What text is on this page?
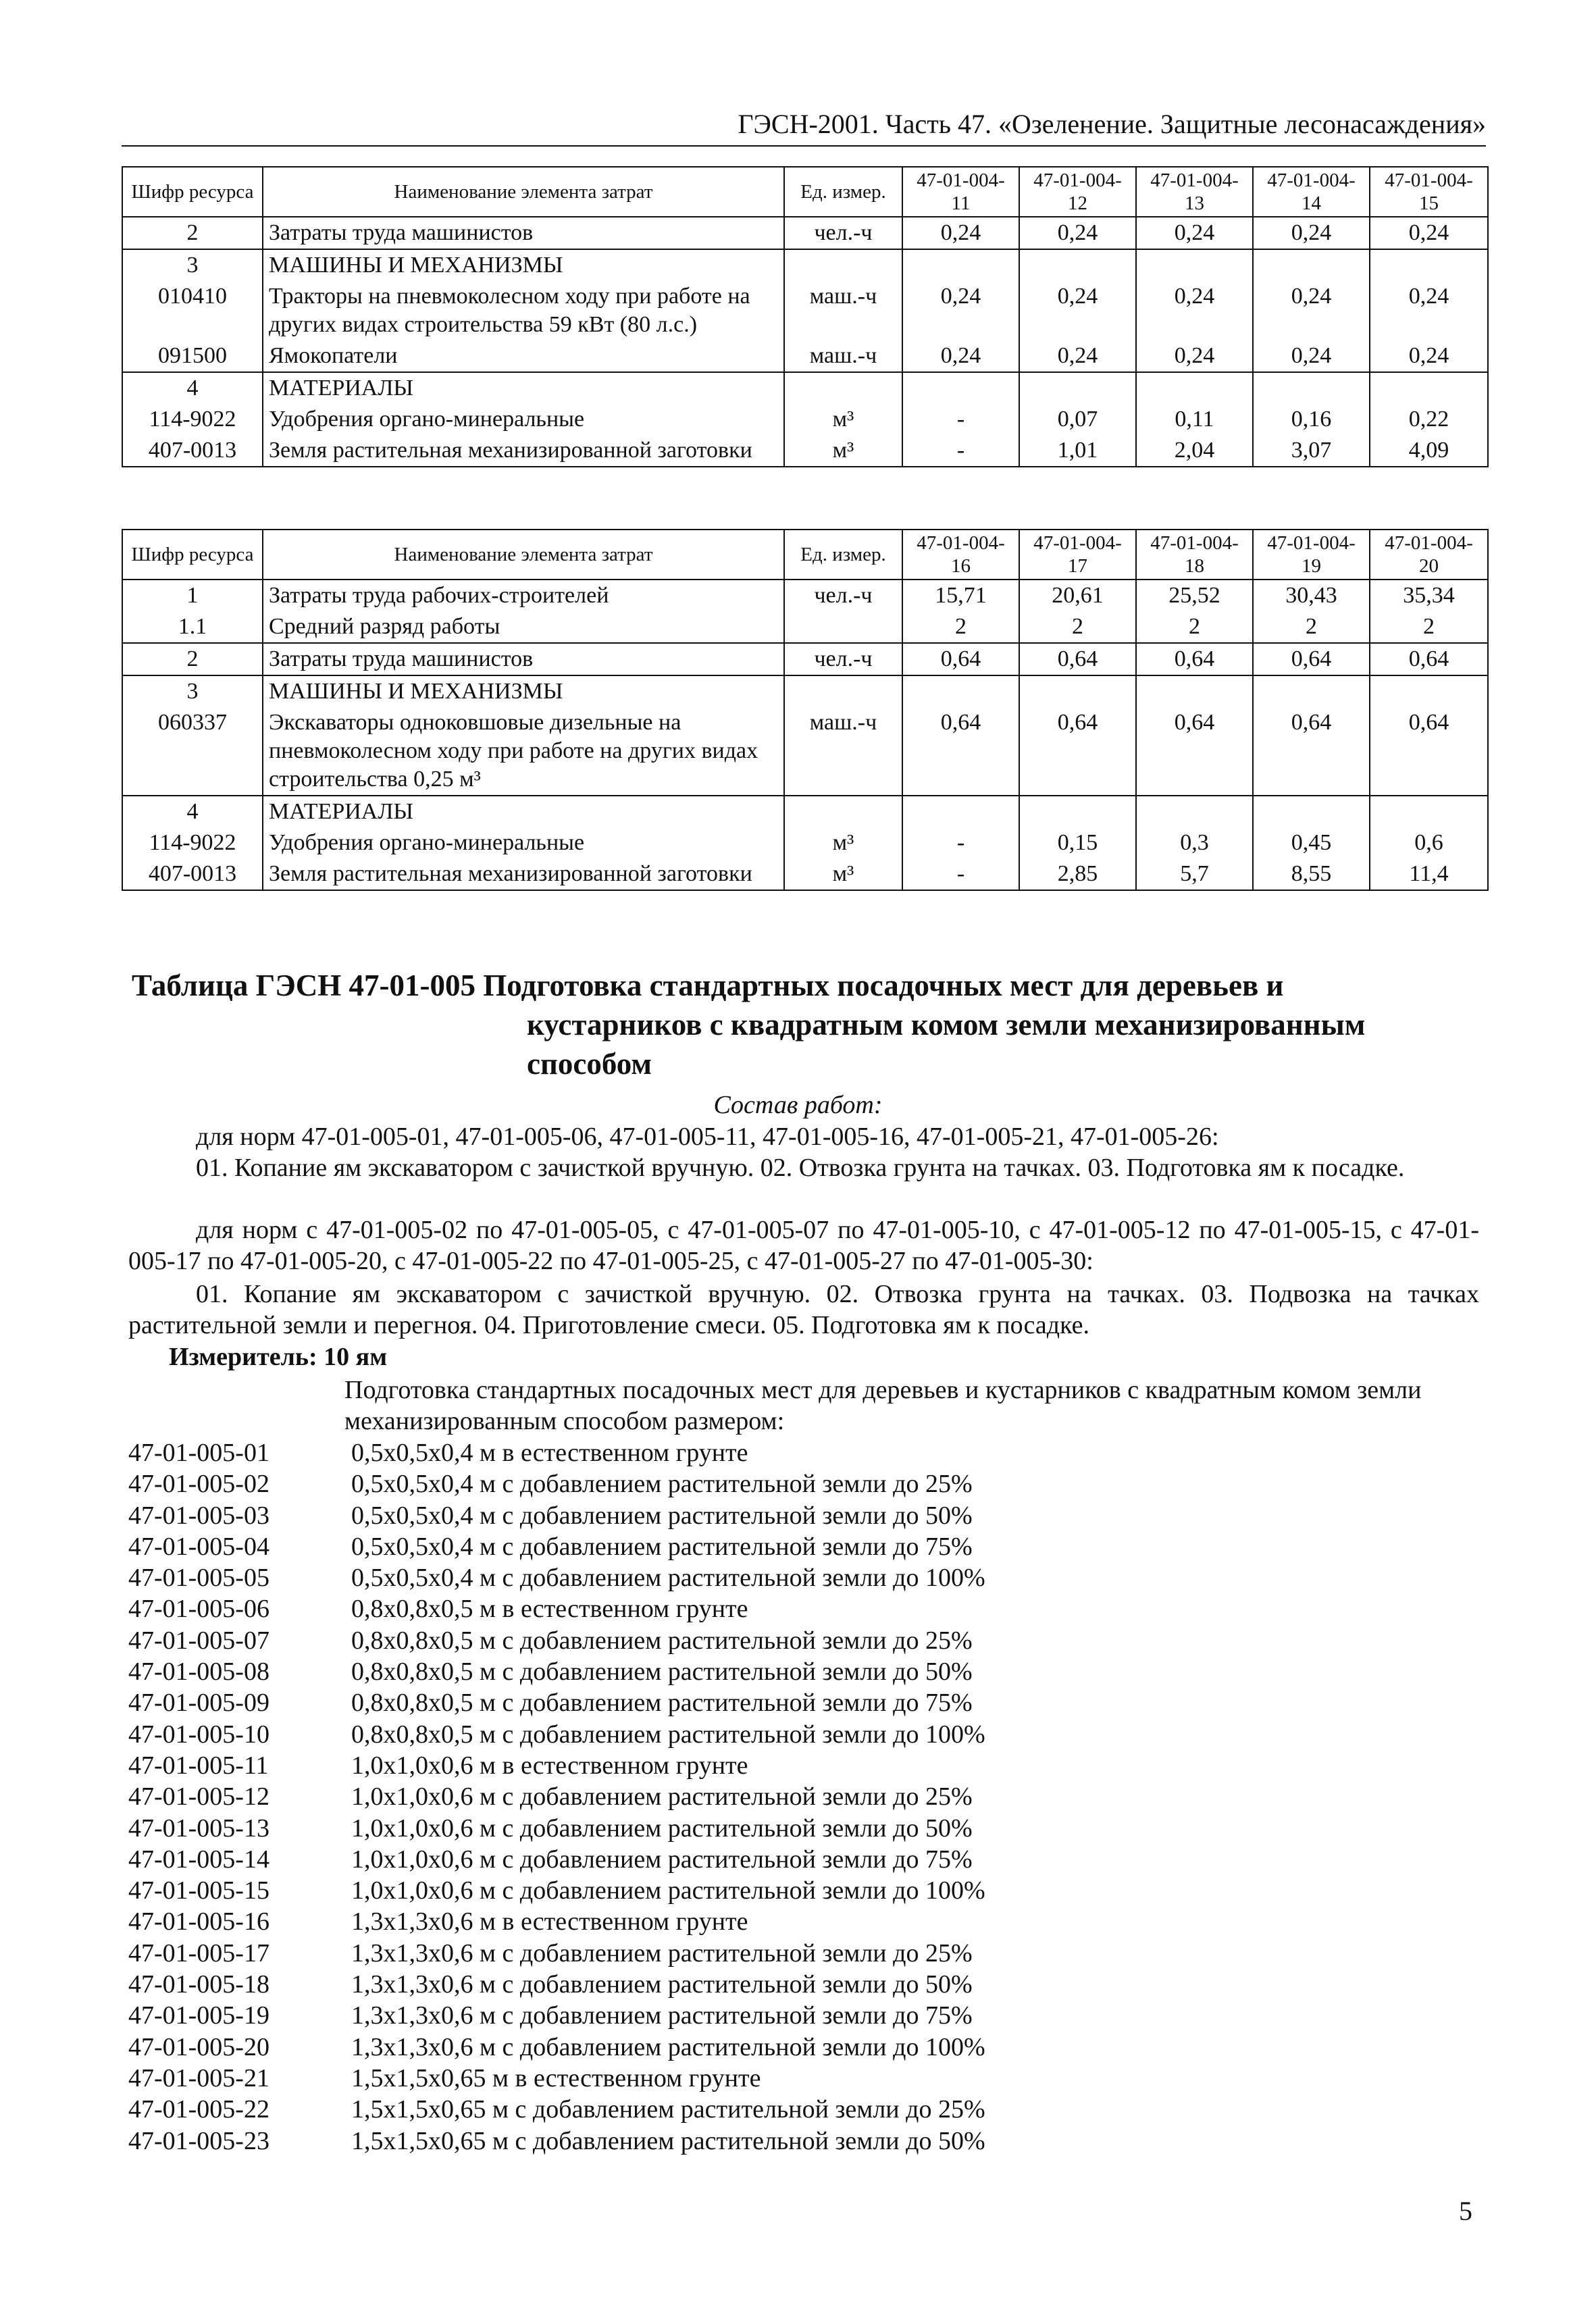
ГЭСН-2001. Часть 47. «Озеленение. Защитные лесонасаждения»
Шифр ресурса	Наименование элемента затрат	Ед. измер.	47-01-004-11	47-01-004-12	47-01-004-13	47-01-004-14	47-01-004-15
2	Затраты труда машинистов	чел.-ч	0,24	0,24	0,24	0,24	0,24
3	МАШИНЫ И МЕХАНИЗМЫ						
010410	Тракторы на пневмоколесном ходу при работе на других видах строительства 59 кВт (80 л.с.)	маш.-ч	0,24	0,24	0,24	0,24	0,24
091500	Ямокопатели	маш.-ч	0,24	0,24	0,24	0,24	0,24
4	МАТЕРИАЛЫ						
114-9022	Удобрения органо-минеральные	м³	-	0,07	0,11	0,16	0,22
407-0013	Земля растительная механизированной заготовки	м³	-	1,01	2,04	3,07	4,09
Шифр ресурса	Наименование элемента затрат	Ед. измер.	47-01-004-16	47-01-004-17	47-01-004-18	47-01-004-19	47-01-004-20
1	Затраты труда рабочих-строителей	чел.-ч	15,71	20,61	25,52	30,43	35,34
1.1	Средний разряд работы		2	2	2	2	2
2	Затраты труда машинистов	чел.-ч	0,64	0,64	0,64	0,64	0,64
3	МАШИНЫ И МЕХАНИЗМЫ						
060337	Экскаваторы одноковшовые дизельные на пневмоколесном ходу при работе на других видах строительства 0,25 м³	маш.-ч	0,64	0,64	0,64	0,64	0,64
4	МАТЕРИАЛЫ						
114-9022	Удобрения органо-минеральные	м³	-	0,15	0,3	0,45	0,6
407-0013	Земля растительная механизированной заготовки	м³	-	2,85	5,7	8,55	11,4
Таблица ГЭСН 47-01-005 Подготовка стандартных посадочных мест для деревьев и
кустарников с квадратным комом земли механизированным
способом
Состав работ:
для норм 47-01-005-01, 47-01-005-06, 47-01-005-11, 47-01-005-16, 47-01-005-21, 47-01-005-26:
01. Копание ям экскаватором с зачисткой вручную. 02. Отвозка грунта на тачках. 03. Подготовка ям к посадке.
для норм с 47-01-005-02 по 47-01-005-05, с 47-01-005-07 по 47-01-005-10, с 47-01-005-12 по 47-01-005-15, с 47-01-005-17 по 47-01-005-20, с 47-01-005-22 по 47-01-005-25, с 47-01-005-27 по 47-01-005-30:
01. Копание ям экскаватором с зачисткой вручную. 02. Отвозка грунта на тачках. 03. Подвозка на тачках растительной земли и перегноя. 04. Приготовление смеси. 05. Подготовка ям к посадке.
Измеритель: 10 ям
Подготовка стандартных посадочных мест для деревьев и кустарников с квадратным комом земли механизированным способом размером:
47-01-005-01	0,5х0,5х0,4 м в естественном грунте
47-01-005-02	0,5х0,5х0,4 м с добавлением растительной земли до 25%
47-01-005-03	0,5х0,5х0,4 м с добавлением растительной земли до 50%
47-01-005-04	0,5х0,5х0,4 м с добавлением растительной земли до 75%
47-01-005-05	0,5х0,5х0,4 м с добавлением растительной земли до 100%
47-01-005-06	0,8х0,8х0,5 м в естественном грунте
47-01-005-07	0,8х0,8х0,5 м с добавлением растительной земли до 25%
47-01-005-08	0,8х0,8х0,5 м с добавлением растительной земли до 50%
47-01-005-09	0,8х0,8х0,5 м с добавлением растительной земли до 75%
47-01-005-10	0,8х0,8х0,5 м с добавлением растительной земли до 100%
47-01-005-11	1,0х1,0х0,6 м в естественном грунте
47-01-005-12	1,0х1,0х0,6 м с добавлением растительной земли до 25%
47-01-005-13	1,0х1,0х0,6 м с добавлением растительной земли до 50%
47-01-005-14	1,0х1,0х0,6 м с добавлением растительной земли до 75%
47-01-005-15	1,0х1,0х0,6 м с добавлением растительной земли до 100%
47-01-005-16	1,3х1,3х0,6 м в естественном грунте
47-01-005-17	1,3х1,3х0,6 м с добавлением растительной земли до 25%
47-01-005-18	1,3х1,3х0,6 м с добавлением растительной земли до 50%
47-01-005-19	1,3х1,3х0,6 м с добавлением растительной земли до 75%
47-01-005-20	1,3х1,3х0,6 м с добавлением растительной земли до 100%
47-01-005-21	1,5х1,5х0,65 м в естественном грунте
47-01-005-22	1,5х1,5х0,65 м с добавлением растительной земли до 25%
47-01-005-23	1,5х1,5х0,65 м с добавлением растительной земли до 50%
5
